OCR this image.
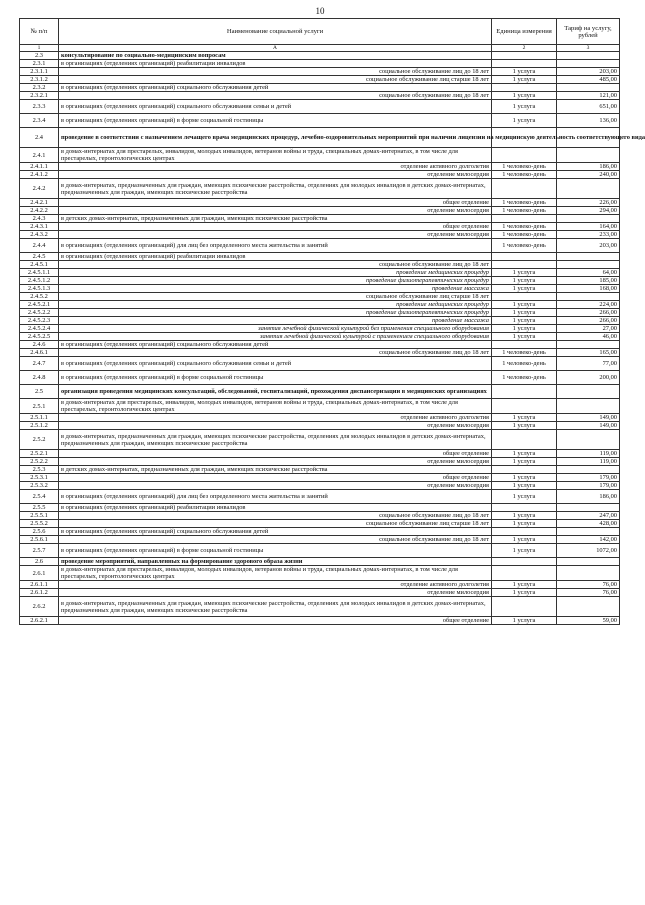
10
№ п/п	Наименование социальной услуги	Единица измерения	Тариф на услугу, рублей
1	А	2	3
2.3	консультирование по социально-медицинским вопросам		
2.3.1	в организациях (отделениях организаций) реабилитации инвалидов		
2.3.1.1	социальное обслуживание лиц до 18 лет	1 услуга	203,00
2.3.1.2	социальное обслуживание лиц старше 18 лет	1 услуга	485,00
2.3.2	в организациях (отделениях организаций) социального обслуживания детей		
2.3.2.1	социальное обслуживание лиц до 18 лет	1 услуга	121,00
2.3.3	в организациях (отделениях организаций) социального обслуживания семьи и детей	1 услуга	651,00
2.3.4	в организациях (отделениях организаций) в форме социальной гостиницы	1 услуга	136,00
2.4	проведение в соответствии с назначением лечащего врача медицинских процедур, лечебно-оздоровительных мероприятий при наличии лицензии на медицинскую деятельность соответствующего вида		
2.4.1	в домах-интернатах для престарелых, инвалидов, молодых инвалидов, ветеранов войны и труда, специальных домах-интернатах, в том числе для престарелых, геронтологических центрах		
2.4.1.1	отделение активного долголетия	1 человеко-день	186,00
2.4.1.2	отделение милосердия	1 человеко-день	240,00
2.4.2	в домах-интернатах, предназначенных для граждан, имеющих психические расстройства, отделениях для молодых инвалидов в детских домах-интернатах, предназначенных для граждан, имеющих психические расстройства		
2.4.2.1	общее отделение	1 человеко-день	226,00
2.4.2.2	отделение милосердия	1 человеко-день	294,00
2.4.3	в детских домах-интернатах, предназначенных для граждан, имеющих психические расстройства		
2.4.3.1	общее отделение	1 человеко-день	164,00
2.4.3.2	отделение милосердия	1 человеко-день	233,00
2.4.4	в организациях (отделениях организаций) для лиц без определенного места жительства и занятий	1 человеко-день	203,00
2.4.5	в организациях (отделениях организаций) реабилитации инвалидов		
2.4.5.1	социальное обслуживание лиц до 18 лет		
2.4.5.1.1	проведение медицинских процедур	1 услуга	64,00
2.4.5.1.2	проведение физиотерапевтических процедур	1 услуга	185,00
2.4.5.1.3	проведение массажа	1 услуга	168,00
2.4.5.2	социальное обслуживание лиц старше 18 лет		
2.4.5.2.1	проведение медицинских процедур	1 услуга	224,00
2.4.5.2.2	проведение физиотерапевтических процедур	1 услуга	266,00
2.4.5.2.3	проведение массажа	1 услуга	266,00
2.4.5.2.4	занятия лечебной физической культурой без применения специального оборудования	1 услуга	27,00
2.4.5.2.5	занятия лечебной физической культурой с применением специального оборудования	1 услуга	46,00
2.4.6	в организациях (отделениях организаций) социального обслуживания детей		
2.4.6.1	социальное обслуживание лиц до 18 лет	1 человеко-день	165,00
2.4.7	в организациях (отделениях организаций) социального обслуживания семьи и детей	1 человеко-день	77,00
2.4.8	в организациях (отделениях организаций) в форме социальной гостиницы	1 человеко-день	200,00
2.5	организация проведения медицинских консультаций, обследований, госпитализаций, прохождения диспансеризации в медицинских организациях		
2.5.1	в домах-интернатах для престарелых, инвалидов, молодых инвалидов, ветеранов войны и труда, специальных домах-интернатах, в том числе для престарелых, геронтологических центрах		
2.5.1.1	отделение активного долголетия	1 услуга	149,00
2.5.1.2	отделение милосердия	1 услуга	149,00
2.5.2	в домах-интернатах, предназначенных для граждан, имеющих психические расстройства, отделениях для молодых инвалидов в детских домах-интернатах, предназначенных для граждан, имеющих психические расстройства		
2.5.2.1	общее отделение	1 услуга	119,00
2.5.2.2	отделение милосердия	1 услуга	119,00
2.5.3	в детских домах-интернатах, предназначенных для граждан, имеющих психические расстройства		
2.5.3.1	общее отделение	1 услуга	179,00
2.5.3.2	отделение милосердия	1 услуга	179,00
2.5.4	в организациях (отделениях организаций) для лиц без определенного места жительства и занятий	1 услуга	186,00
2.5.5	в организациях (отделениях организаций) реабилитации инвалидов		
2.5.5.1	социальное обслуживание лиц до 18 лет	1 услуга	247,00
2.5.5.2	социальное обслуживание лиц старше 18 лет	1 услуга	428,00
2.5.6	в организациях (отделениях организаций) социального обслуживания детей		
2.5.6.1	социальное обслуживание лиц до 18 лет	1 услуга	142,00
2.5.7	в организациях (отделениях организаций) в форме социальной гостиницы	1 услуга	1072,00
2.6	проведение мероприятий, направленных на формирование здорового образа жизни		
2.6.1	в домах-интернатах для престарелых, инвалидов, молодых инвалидов, ветеранов войны и труда, специальных домах-интернатах, в том числе для престарелых, геронтологических центрах		
2.6.1.1	отделение активного долголетия	1 услуга	76,00
2.6.1.2	отделение милосердия	1 услуга	76,00
2.6.2	в домах-интернатах, предназначенных для граждан, имеющих психические расстройства, отделениях для молодых инвалидов в детских домах-интернатах, предназначенных для граждан, имеющих психические расстройства		
2.6.2.1	общее отделение	1 услуга	59,00
